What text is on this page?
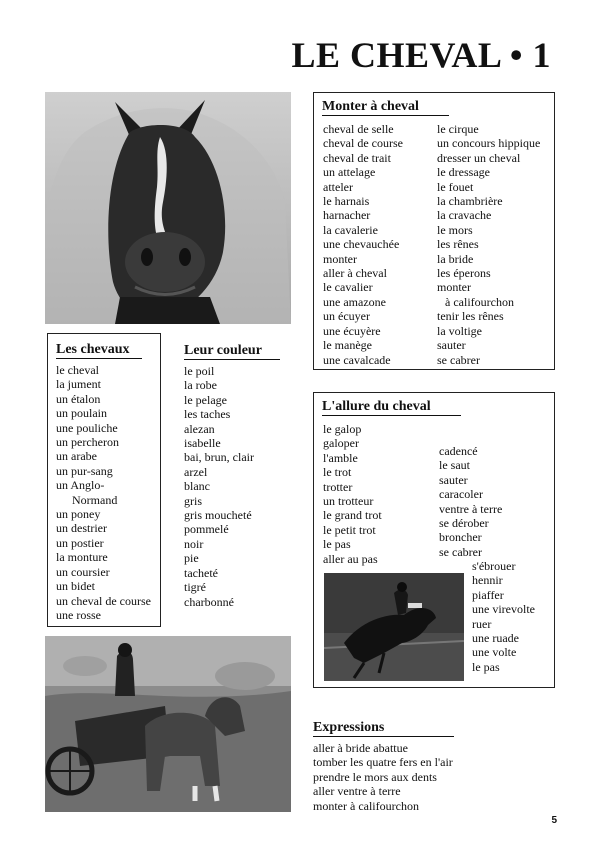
LE CHEVAL • 1
Monter à cheval
cheval de selle
cheval de course
cheval de trait
un attelage
atteler
le harnais
harnacher
la cavalerie
une chevauchée
monter
aller à cheval
le cavalier
une amazone
un écuyer
une écuyère
le manège
une cavalcade
le cirque
un concours hippique
dresser un cheval
le dressage
le fouet
la chambrière
la cravache
le mors
les rênes
la bride
les éperons
monter
à califourchon
tenir les rênes
la voltige
sauter
se cabrer
Les chevaux
le cheval
la jument
un étalon
un poulain
une pouliche
un percheron
un arabe
un pur-sang
un Anglo-
Normand
un poney
un destrier
un postier
la monture
un coursier
un bidet
un cheval de course
une rosse
Leur couleur
le poil
la robe
le pelage
les taches
alezan
isabelle
bai, brun, clair
arzel
blanc
gris
gris moucheté
pommelé
noir
pie
tacheté
tigré
charbonné
L'allure du cheval
le galop
galoper
l'amble
le trot
trotter
un trotteur
le grand trot
le petit trot
le pas
aller au pas
cadencé
le saut
sauter
caracoler
ventre à terre
se dérober
broncher
se cabrer
s'ébrouer
hennir
piaffer
une virevolte
ruer
une ruade
une volte
le pas
Expressions
aller à bride abattue
tomber les quatre fers en l'air
prendre le mors aux dents
aller ventre à terre
monter à califourchon
5
